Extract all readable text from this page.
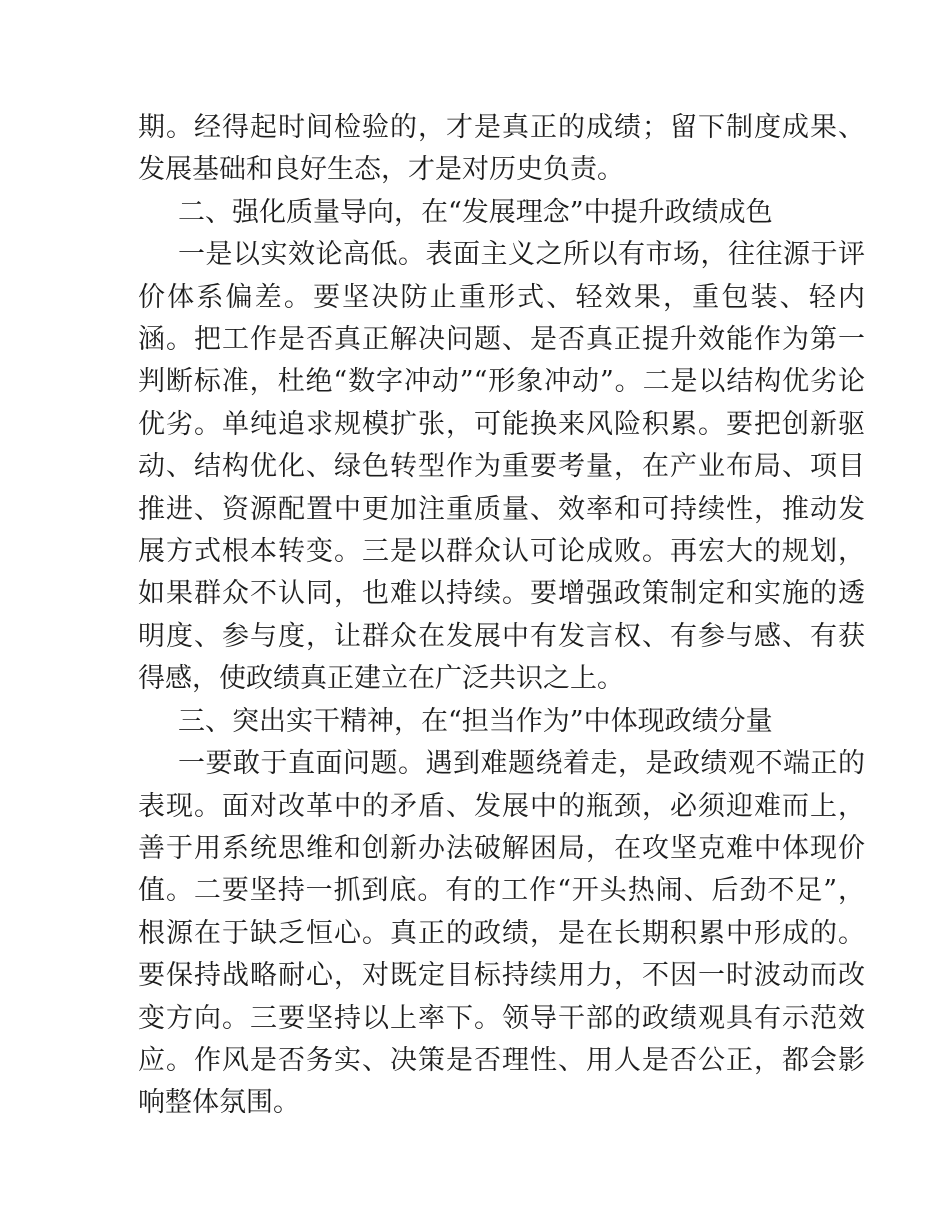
期。经得起时间检验的，才是真正的成绩；留下制度成果、发展基础和良好生态，才是对历史负责。

二、强化质量导向，在“发展理念”中提升政绩成色

一是以实效论高低。表面主义之所以有市场，往往源于评价体系偏差。要坚决防止重形式、轻效果，重包装、轻内涵。把工作是否真正解决问题、是否真正提升效能作为第一判断标准，杜绝“数字冲动”“形象冲动”。二是以结构优劣论优劣。单纯追求规模扩张，可能换来风险积累。要把创新驱动、结构优化、绿色转型作为重要考量，在产业布局、项目推进、资源配置中更加注重质量、效率和可持续性，推动发展方式根本转变。三是以群众认可论成败。再宏大的规划，如果群众不认同，也难以持续。要增强政策制定和实施的透明度、参与度，让群众在发展中有发言权、有参与感、有获得感，使政绩真正建立在广泛共识之上。

三、突出实干精神，在“担当作为”中体现政绩分量

一要敢于直面问题。遇到难题绕着走，是政绩观不端正的表现。面对改革中的矛盾、发展中的瓶颈，必须迎难而上，善于用系统思维和创新办法破解困局，在攻坚克难中体现价值。二要坚持一抓到底。有的工作“开头热闹、后劲不足”，根源在于缺乏恒心。真正的政绩，是在长期积累中形成的。要保持战略耐心，对既定目标持续用力，不因一时波动而改变方向。三要坚持以上率下。领导干部的政绩观具有示范效应。作风是否务实、决策是否理性、用人是否公正，都会影响整体氛围。
